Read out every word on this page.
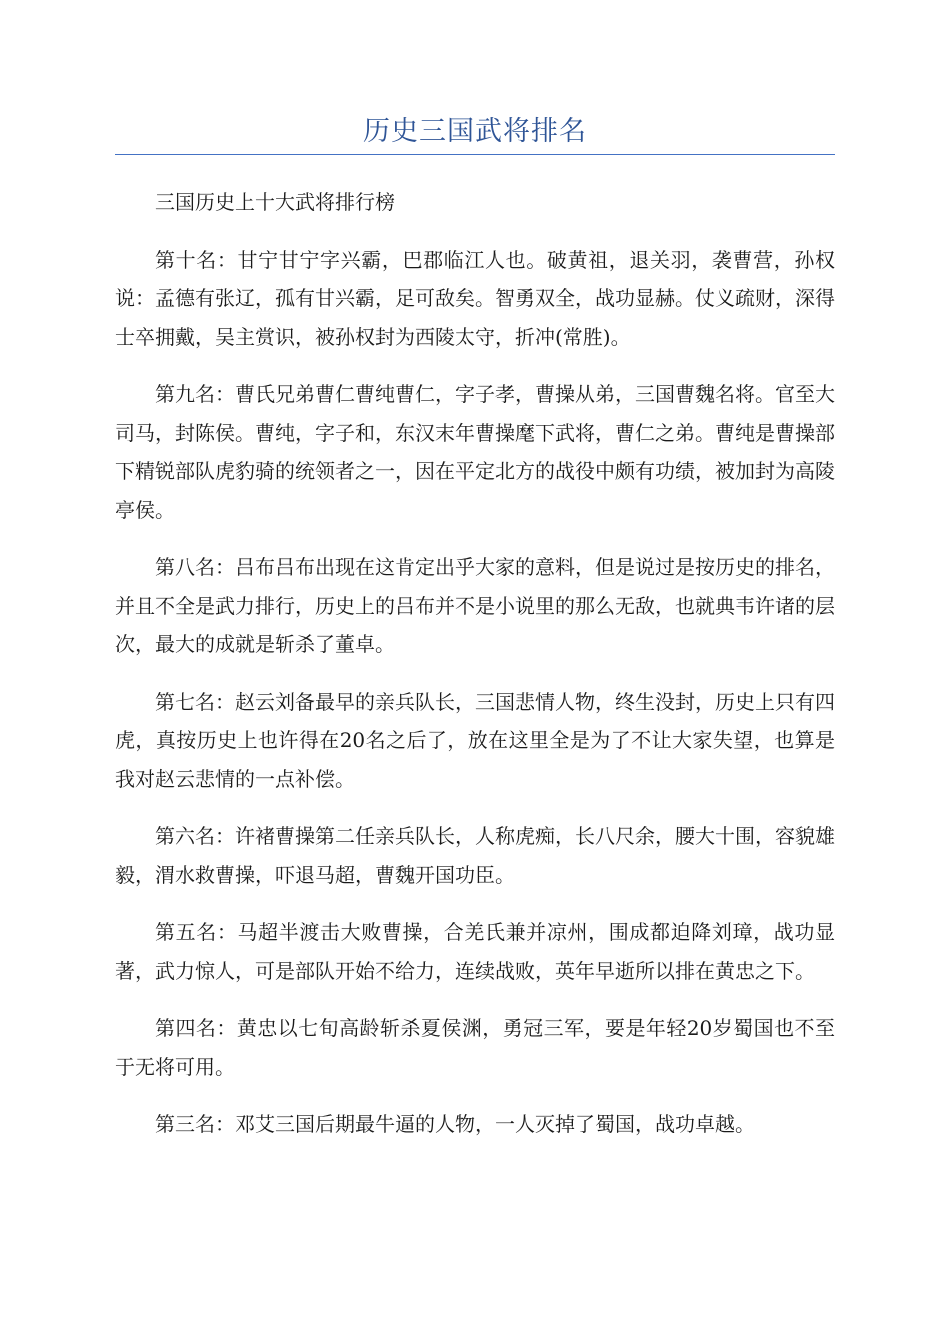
历史三国武将排名

三国历史上十大武将排行榜

第十名：甘宁甘宁字兴霸，巴郡临江人也。破黄祖，退关羽，袭曹营，孙权说：孟德有张辽，孤有甘兴霸，足可敌矣。智勇双全，战功显赫。仗义疏财，深得士卒拥戴，吴主赏识，被孙权封为西陵太守，折冲(常胜)。

第九名：曹氏兄弟曹仁曹纯曹仁，字子孝，曹操从弟，三国曹魏名将。官至大司马，封陈侯。曹纯，字子和，东汉末年曹操麾下武将，曹仁之弟。曹纯是曹操部下精锐部队虎豹骑的统领者之一，因在平定北方的战役中颇有功绩，被加封为高陵亭侯。

第八名：吕布吕布出现在这肯定出乎大家的意料，但是说过是按历史的排名，并且不全是武力排行，历史上的吕布并不是小说里的那么无敌，也就典韦许诸的层次，最大的成就是斩杀了董卓。

第七名：赵云刘备最早的亲兵队长，三国悲情人物，终生没封，历史上只有四虎，真按历史上也许得在20名之后了，放在这里全是为了不让大家失望，也算是我对赵云悲情的一点补偿。

第六名：许褚曹操第二任亲兵队长，人称虎痴，长八尺余，腰大十围，容貌雄毅，渭水救曹操，吓退马超，曹魏开国功臣。

第五名：马超半渡击大败曹操，合羌氏兼并凉州，围成都迫降刘璋，战功显著，武力惊人，可是部队开始不给力，连续战败，英年早逝所以排在黄忠之下。

第四名：黄忠以七旬高龄斩杀夏侯渊，勇冠三军，要是年轻20岁蜀国也不至于无将可用。

第三名：邓艾三国后期最牛逼的人物，一人灭掉了蜀国，战功卓越。
